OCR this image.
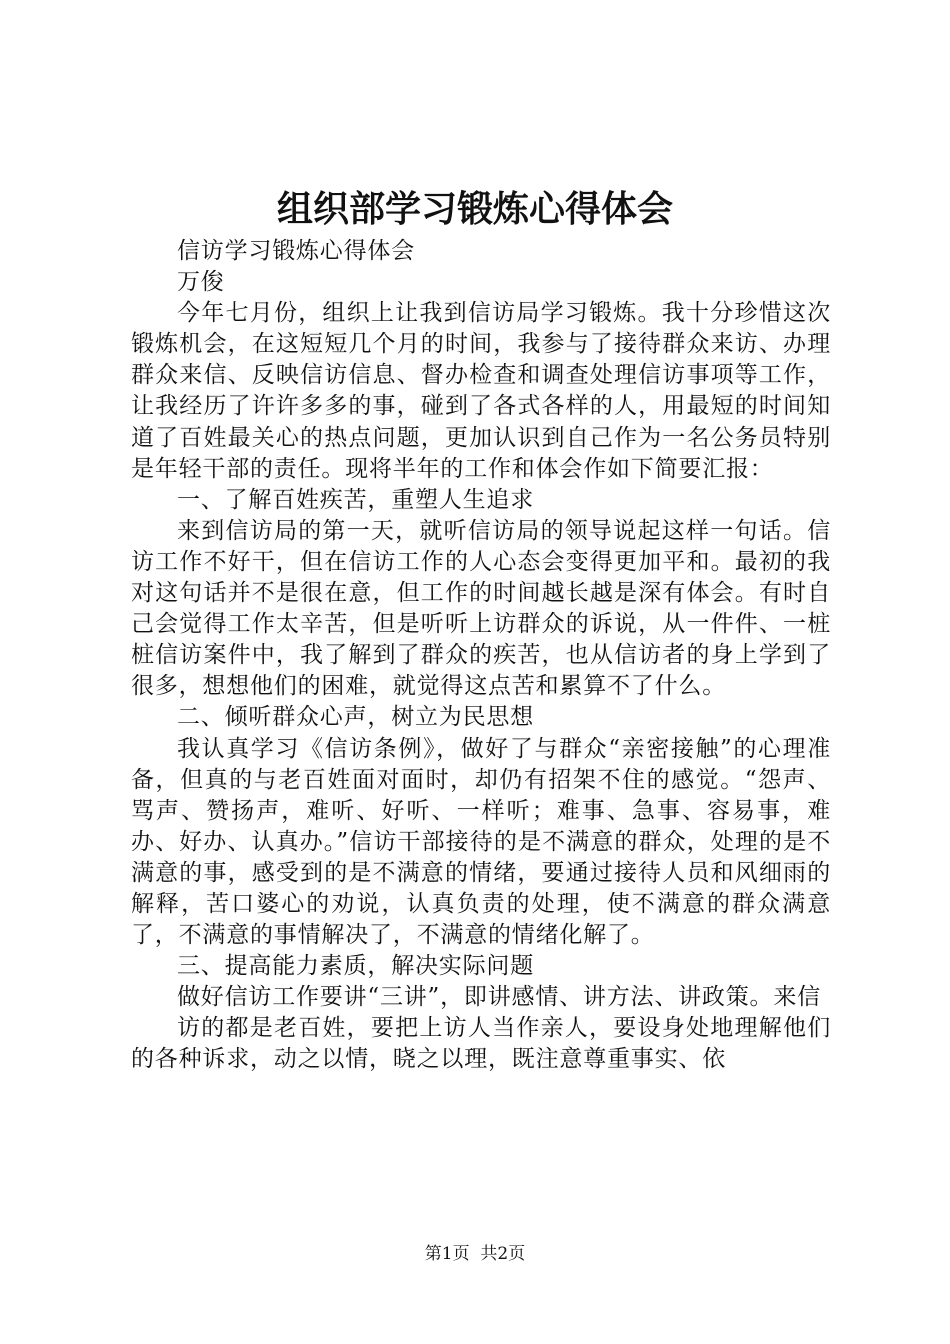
组织部学习锻炼心得体会

信访学习锻炼心得体会

万俊

今年七月份，组织上让我到信访局学习锻炼。我十分珍惜这次锻炼机会，在这短短几个月的时间，我参与了接待群众来访、办理群众来信、反映信访信息、督办检查和调查处理信访事项等工作，让我经历了许许多多的事，碰到了各式各样的人，用最短的时间知道了百姓最关心的热点问题，更加认识到自己作为一名公务员特别是年轻干部的责任。现将半年的工作和体会作如下简要汇报：

一、了解百姓疾苦，重塑人生追求

来到信访局的第一天，就听信访局的领导说起这样一句话。信访工作不好干，但在信访工作的人心态会变得更加平和。最初的我对这句话并不是很在意，但工作的时间越长越是深有体会。有时自己会觉得工作太辛苦，但是听听上访群众的诉说，从一件件、一桩桩信访案件中，我了解到了群众的疾苦，也从信访者的身上学到了很多，想想他们的困难，就觉得这点苦和累算不了什么。

二、倾听群众心声，树立为民思想

我认真学习《信访条例》，做好了与群众“亲密接触”的心理准备，但真的与老百姓面对面时，却仍有招架不住的感觉。“怨声、骂声、赞扬声，难听、好听、一样听；难事、急事、容易事，难办、好办、认真办。”信访干部接待的是不满意的群众，处理的是不满意的事，感受到的是不满意的情绪，要通过接待人员和风细雨的解释，苦口婆心的劝说，认真负责的处理，使不满意的群众满意了，不满意的事情解决了，不满意的情绪化解了。

三、提高能力素质，解决实际问题

做好信访工作要讲“三讲”，即讲感情、讲方法、讲政策。来信

访的都是老百姓，要把上访人当作亲人，要设身处地理解他们的各种诉求，动之以情，晓之以理，既注意尊重事实、依

第1页  共2页
